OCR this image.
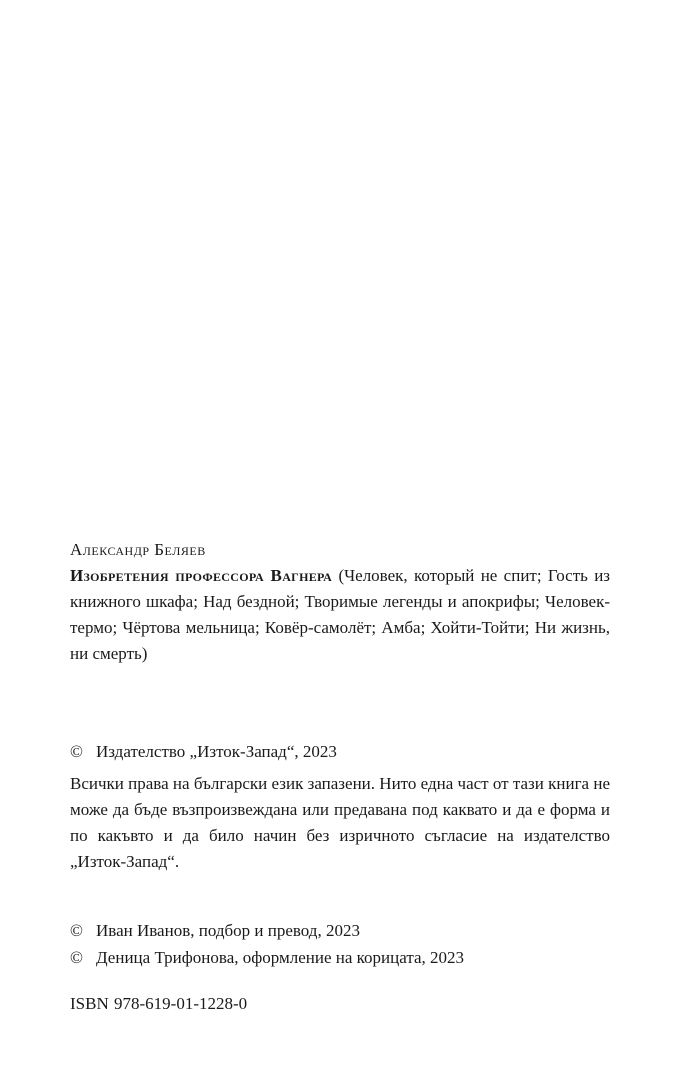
Александр Беляев
Изобретения профессора Вагнера (Человек, который не спит; Гость из книжного шкафа; Над бездной; Творимые легенды и апокрифы; Человек-термо; Чёртова мельница; Ковёр-самолёт; Амба; Хойти-Тойти; Ни жизнь, ни смерть)
© Издателство „Изток-Запад“, 2023
Всички права на български език запазени. Нито една част от тази книга не може да бъде възпроизвеждана или предавана под каквато и да е форма и по какъвто и да било начин без изричното съгласие на издателство „Изток-Запад“.
© Иван Иванов, подбор и превод, 2023
© Деница Трифонова, оформление на корицата, 2023
ISBN 978-619-01-1228-0
